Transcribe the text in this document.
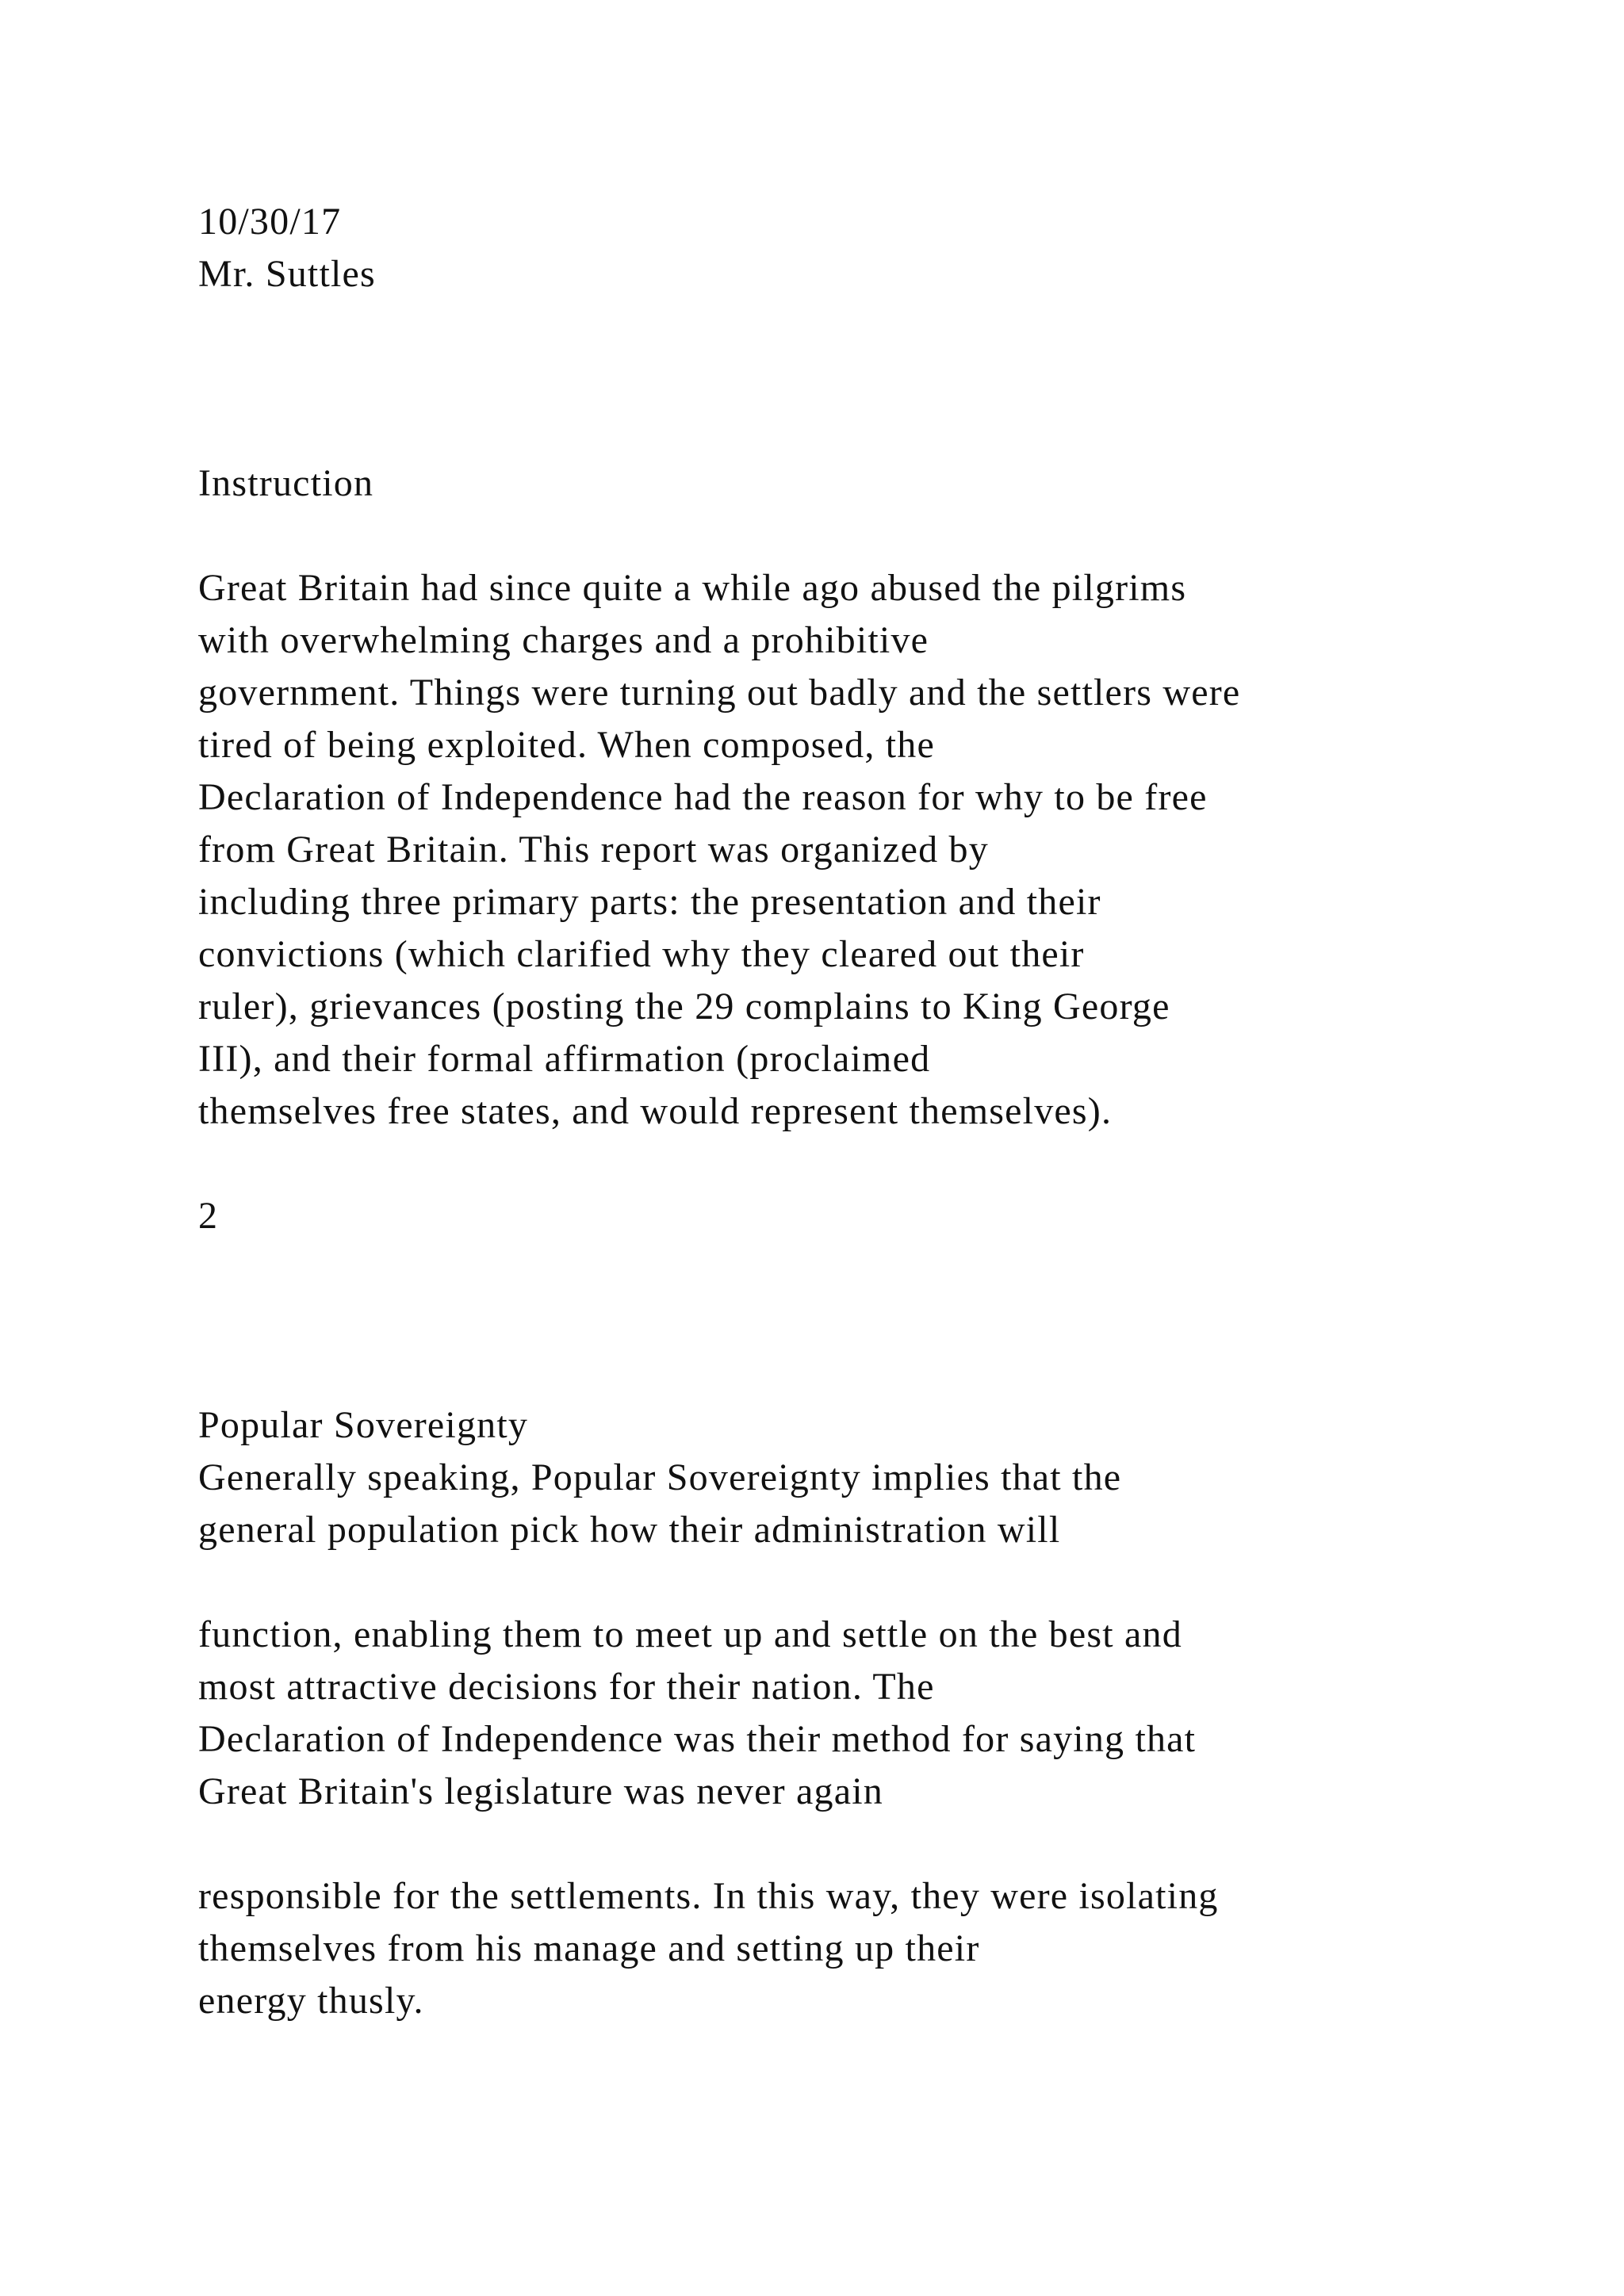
10/30/17

Mr. Suttles

Instruction

Great Britain had since quite a while ago abused the pilgrims

with overwhelming charges and a prohibitive

government. Things were turning out badly and the settlers were

tired of being exploited. When composed, the

Declaration of Independence had the reason for why to be free

from Great Britain. This report was organized by

including three primary parts: the presentation and their

convictions (which clarified why they cleared out their

ruler), grievances (posting the 29 complains to King George

III), and their formal affirmation (proclaimed

themselves free states, and would represent themselves).

2

Popular Sovereignty

Generally speaking, Popular Sovereignty implies that the

general population pick how their administration will

function, enabling them to meet up and settle on the best and

most attractive decisions for their nation. The

Declaration of Independence was their method for saying that

Great Britain's legislature was never again

responsible for the settlements. In this way, they were isolating

themselves from his manage and setting up their

energy thusly.
